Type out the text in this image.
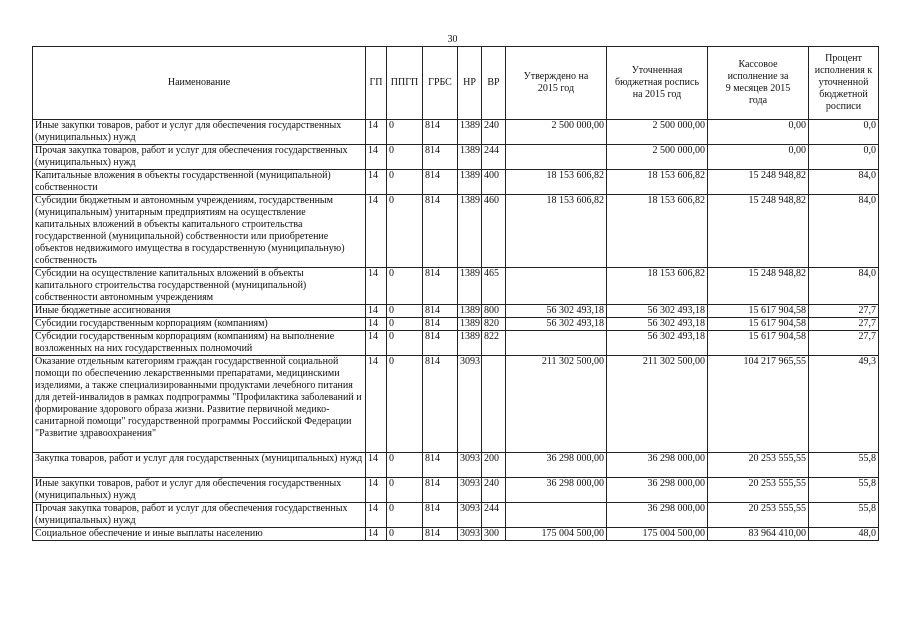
30
Наименование	ГП	ППГП	ГРБС	НР	ВР	Утверждено на 2015 год	Уточненная бюджетная роспись на 2015 год	Кассовое исполнение за 9 месяцев 2015 года	Процент исполнения к уточненной бюджетной росписи
Иные закупки товаров, работ и услуг для обеспечения государственных (муниципальных) нужд	14	0	814	1389	240	2 500 000,00	2 500 000,00	0,00	0,0
Прочая закупка товаров, работ и услуг для обеспечения государственных (муниципальных) нужд	14	0	814	1389	244		2 500 000,00	0,00	0,0
Капитальные вложения в объекты государственной (муниципальной) собственности	14	0	814	1389	400	18 153 606,82	18 153 606,82	15 248 948,82	84,0
Субсидии бюджетным и автономным учреждениям, государственным (муниципальным) унитарным предприятиям на осуществление капитальных вложений в объекты капитального строительства государственной (муниципальной) собственности или приобретение объектов недвижимого имущества в государственную (муниципальную) собственность	14	0	814	1389	460	18 153 606,82	18 153 606,82	15 248 948,82	84,0
Субсидии на осуществление капитальных вложений в объекты капитального строительства государственной (муниципальной) собственности автономным учреждениям	14	0	814	1389	465		18 153 606,82	15 248 948,82	84,0
Иные бюджетные ассигнования	14	0	814	1389	800	56 302 493,18	56 302 493,18	15 617 904,58	27,7
Субсидии государственным корпорациям (компаниям)	14	0	814	1389	820	56 302 493,18	56 302 493,18	15 617 904,58	27,7
Субсидии государственным корпорациям (компаниям) на выполнение возложенных на них государственных полномочий	14	0	814	1389	822		56 302 493,18	15 617 904,58	27,7
Оказание отдельным категориям граждан государственной социальной помощи по обеспечению лекарственными препаратами, медицинскими изделиями, а также специализированными продуктами лечебного питания для детей-инвалидов в рамках подпрограммы "Профилактика заболеваний и формирование здорового образа жизни. Развитие первичной медико-санитарной помощи" государственной программы Российской Федерации "Развитие здравоохранения"	14	0	814	3093		211 302 500,00	211 302 500,00	104 217 965,55	49,3
Закупка товаров, работ и услуг для государственных (муниципальных) нужд	14	0	814	3093	200	36 298 000,00	36 298 000,00	20 253 555,55	55,8
Иные закупки товаров, работ и услуг для обеспечения государственных (муниципальных) нужд	14	0	814	3093	240	36 298 000,00	36 298 000,00	20 253 555,55	55,8
Прочая закупка товаров, работ и услуг для обеспечения государственных (муниципальных) нужд	14	0	814	3093	244		36 298 000,00	20 253 555,55	55,8
Социальное обеспечение и иные выплаты населению	14	0	814	3093	300	175 004 500,00	175 004 500,00	83 964 410,00	48,0
